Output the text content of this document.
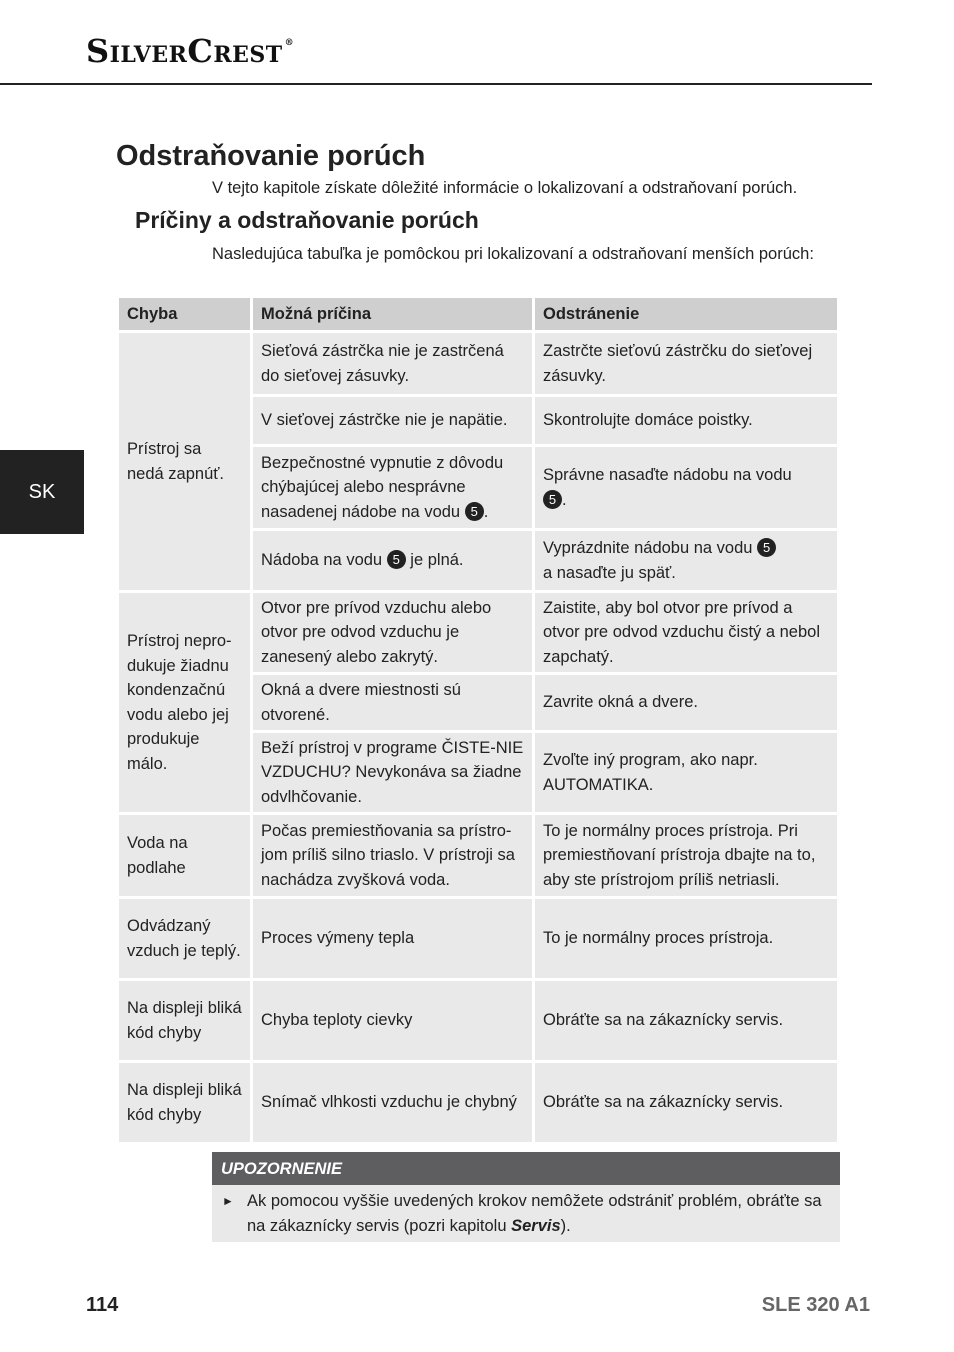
SilverCrest ®
SK
Odstraňovanie porúch
V tejto kapitole získate dôležité informácie o lokalizovaní a odstraňovaní porúch.
Príčiny a odstraňovanie porúch
Nasledujúca tabuľka je pomôckou pri lokalizovaní a odstraňovaní menších porúch:
Chyba	Možná príčina	Odstránenie
Prístroj sa nedá zapnúť.	Sieťová zástrčka nie je zastrčená do sieťovej zásuvky.	Zastrčte sieťovú zástrčku do sieťovej zásuvky.
	V sieťovej zástrčke nie je napätie.	Skontrolujte domáce poistky.
	Bezpečnostné vypnutie z dôvodu chýbajúcej alebo nesprávne nasadenej nádobe na vodu 5 .	Správne nasaďte nádobu na vodu
5 .
	Nádoba na vodu 5 je plná.	Vyprázdnite nádobu na vodu 5
a nasaďte ju späť.
Prístroj nepro-dukuje žiadnu kondenzačnú vodu alebo jej produkuje málo.	Otvor pre prívod vzduchu alebo otvor pre odvod vzduchu je zanesený alebo zakrytý.	Zaistite, aby bol otvor pre prívod a otvor pre odvod vzduchu čistý a nebol zapchatý.
	Okná a dvere miestnosti sú otvorené.	Zavrite okná a dvere.
	Beží prístroj v programe ČISTE-NIE VZDUCHU? Nevykonáva sa žiadne odvlhčovanie.	Zvoľte iný program, ako napr. AUTOMATIKA.
Voda na podlahe	Počas premiestňovania sa prístro-jom príliš silno triaslo. V prístroji sa nachádza zvyšková voda.	To je normálny proces prístroja. Pri premiestňovaní prístroja dbajte na to, aby ste prístrojom príliš netriasli.
Odvádzaný vzduch je teplý.	Proces výmeny tepla	To je normálny proces prístroja.
Na displeji bliká kód chyby	Chyba teploty cievky	Obráťte sa na zákaznícky servis.
Na displeji bliká kód chyby	Snímač vlhkosti vzduchu je chybný	Obráťte sa na zákaznícky servis.
UPOZORNENIE
► Ak pomocou vyššie uvedených krokov nemôžete odstrániť problém, obráťte sa na zákaznícky servis (pozri kapitolu Servis).
114	SLE 320 A1
